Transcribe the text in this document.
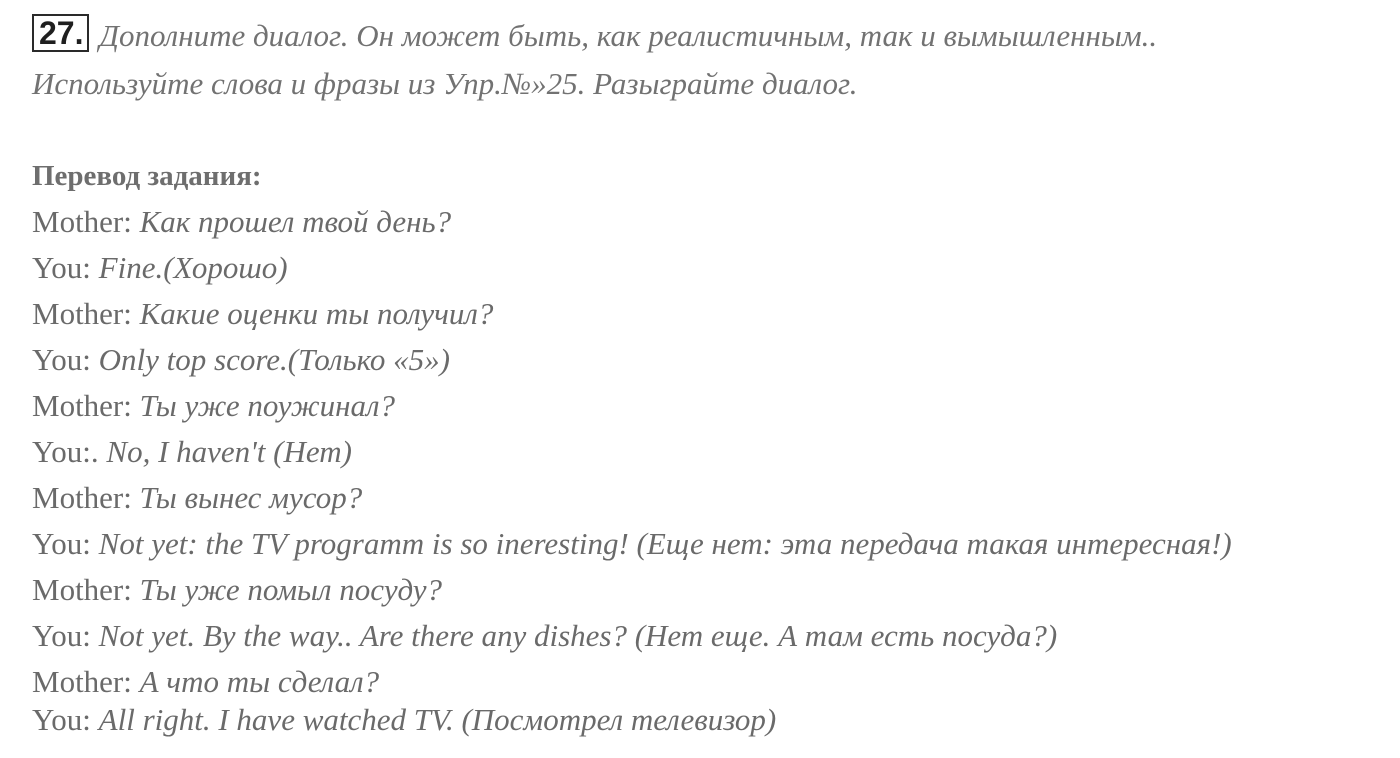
27. Дополните диалог. Он может быть, как реалистичным, так и вымышленным..
Используйте слова и фразы из Упр.№»25. Разыграйте диалог.
Перевод задания:
Mother: Как прошел твой день?
You: Fine.(Хорошо)
Mother: Какие оценки ты получил?
You: Only top score.(Только «5»)
Mother: Ты уже поужинал?
You:. No, I haven't (Нет)
Mother: Ты вынес мусор?
You: Not yet: the TV programm is so ineresting! (Еще нет: эта передача такая интересная!)
Mother: Ты уже помыл посуду?
You: Not yet. By the way.. Are there any dishes? (Нет еще. А там есть посуда?)
Mother: А что ты сделал?
You: All right. I have watched TV. (Посмотрел телевизор)
